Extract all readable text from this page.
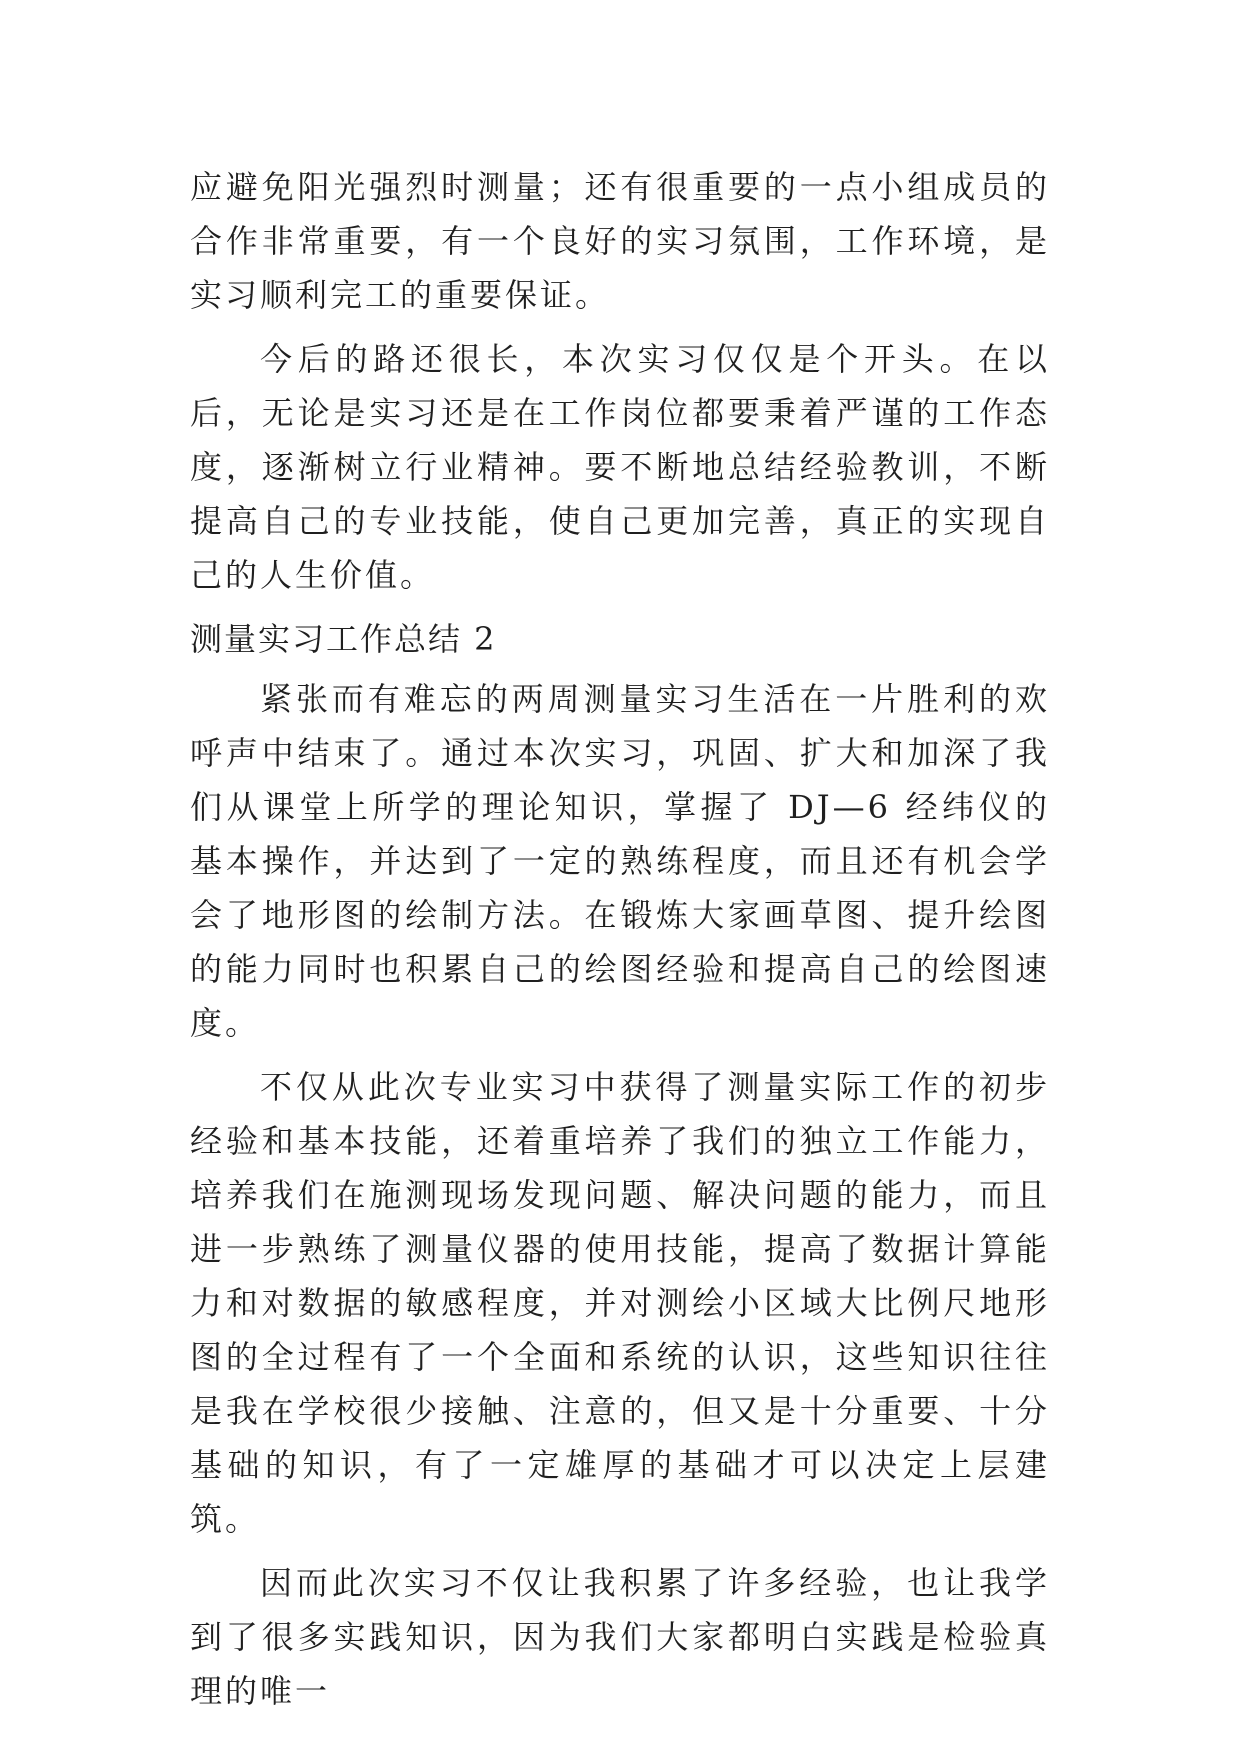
应避免阳光强烈时测量；还有很重要的一点小组成员的合作非常重要，有一个良好的实习氛围，工作环境，是实习顺利完工的重要保证。

今后的路还很长，本次实习仅仅是个开头。在以后，无论是实习还是在工作岗位都要秉着严谨的工作态度，逐渐树立行业精神。要不断地总结经验教训，不断提高自己的专业技能，使自己更加完善，真正的实现自己的人生价值。

测量实习工作总结 2

紧张而有难忘的两周测量实习生活在一片胜利的欢呼声中结束了。通过本次实习，巩固、扩大和加深了我们从课堂上所学的理论知识，掌握了 DJ—6 经纬仪的基本操作，并达到了一定的熟练程度，而且还有机会学会了地形图的绘制方法。在锻炼大家画草图、提升绘图的能力同时也积累自己的绘图经验和提高自己的绘图速度。

不仅从此次专业实习中获得了测量实际工作的初步经验和基本技能，还着重培养了我们的独立工作能力，培养我们在施测现场发现问题、解决问题的能力，而且进一步熟练了测量仪器的使用技能，提高了数据计算能力和对数据的敏感程度，并对测绘小区域大比例尺地形图的全过程有了一个全面和系统的认识，这些知识往往是我在学校很少接触、注意的，但又是十分重要、十分基础的知识，有了一定雄厚的基础才可以决定上层建筑。

因而此次实习不仅让我积累了许多经验，也让我学到了很多实践知识，因为我们大家都明白实践是检验真理的唯一
